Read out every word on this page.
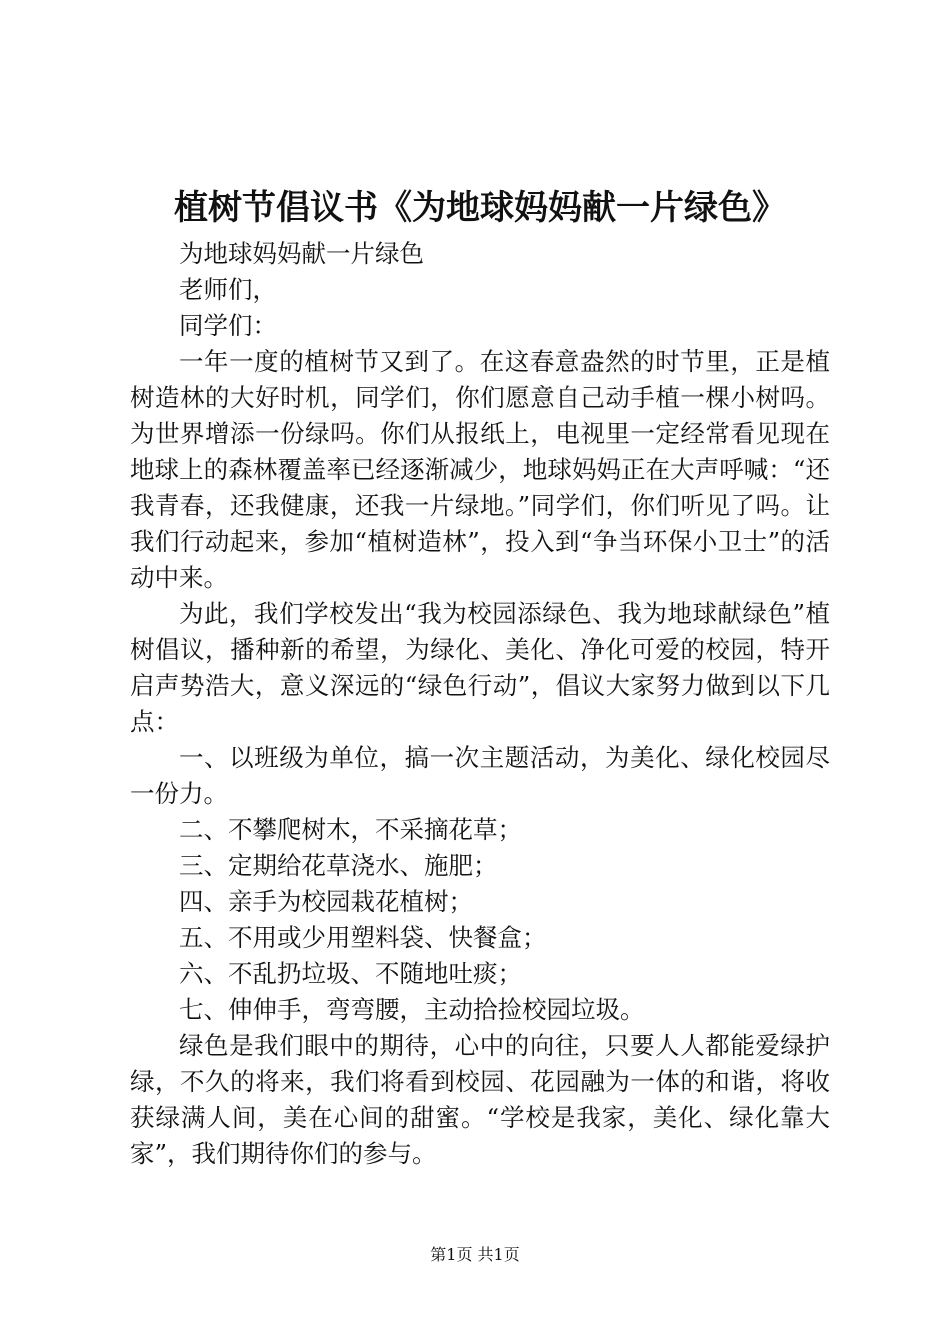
植树节倡议书《为地球妈妈献一片绿色》

为地球妈妈献一片绿色

老师们，

同学们：

一年一度的植树节又到了。在这春意盎然的时节里，正是植树造林的大好时机，同学们，你们愿意自己动手植一棵小树吗。为世界增添一份绿吗。你们从报纸上，电视里一定经常看见现在地球上的森林覆盖率已经逐渐减少，地球妈妈正在大声呼喊：“还我青春，还我健康，还我一片绿地。”同学们，你们听见了吗。让我们行动起来，参加“植树造林”，投入到“争当环保小卫士”的活动中来。

为此，我们学校发出“我为校园添绿色、我为地球献绿色”植树倡议，播种新的希望，为绿化、美化、净化可爱的校园，特开启声势浩大，意义深远的“绿色行动”，倡议大家努力做到以下几点：

一、以班级为单位，搞一次主题活动，为美化、绿化校园尽一份力。

二、不攀爬树木，不采摘花草；

三、定期给花草浇水、施肥；

四、亲手为校园栽花植树；

五、不用或少用塑料袋、快餐盒；

六、不乱扔垃圾、不随地吐痰；

七、伸伸手，弯弯腰，主动拾捡校园垃圾。

绿色是我们眼中的期待，心中的向往，只要人人都能爱绿护绿，不久的将来，我们将看到校园、花园融为一体的和谐，将收获绿满人间，美在心间的甜蜜。“学校是我家，美化、绿化靠大家”，我们期待你们的参与。

第1页 共1页
